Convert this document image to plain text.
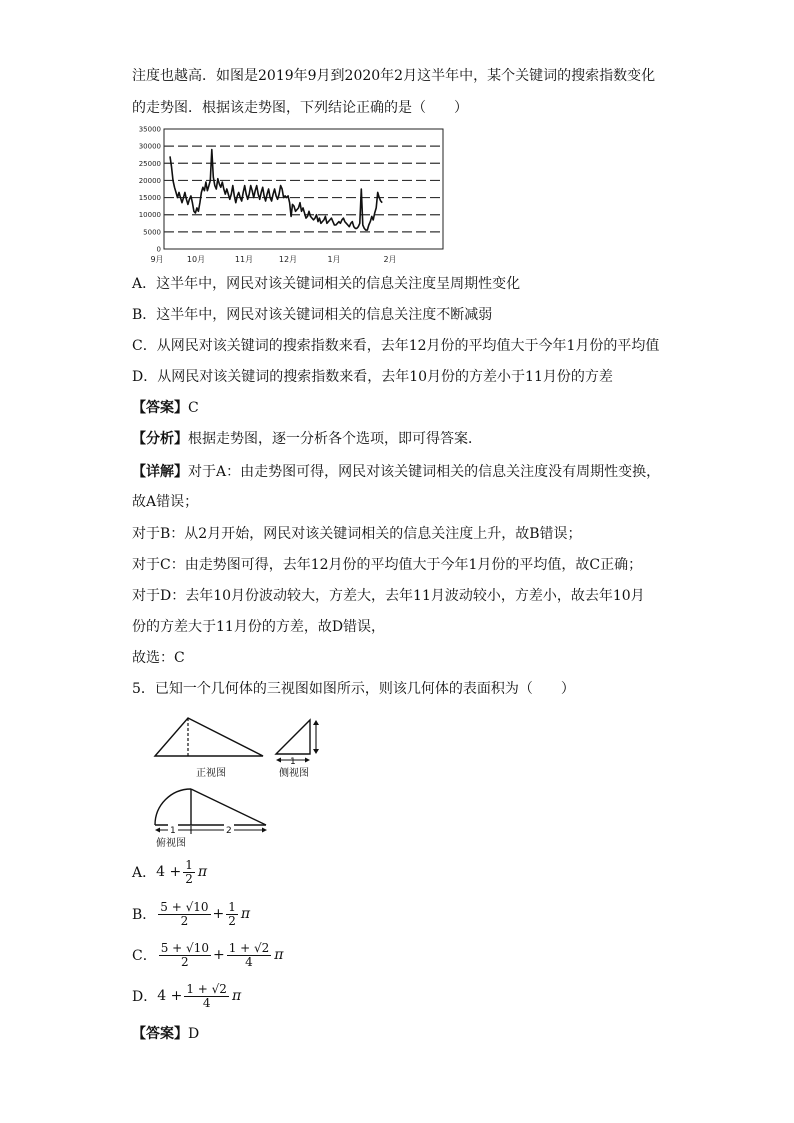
注度也越高．如图是2019年9月到2020年2月这半年中，某个关键词的搜索指数变化
的走势图．根据该走势图，下列结论正确的是（　　）
0
5000
10000
15000
20000
25000
30000
35000
9月	10月	11月	12月	1月	2月
A．这半年中，网民对该关键词相关的信息关注度呈周期性变化
B．这半年中，网民对该关键词相关的信息关注度不断减弱
C．从网民对该关键词的搜索指数来看，去年12月份的平均值大于今年1月份的平均值
D．从网民对该关键词的搜索指数来看，去年10月份的方差小于11月份的方差
【答案】C
【分析】根据走势图，逐一分析各个选项，即可得答案．
【详解】对于A：由走势图可得，网民对该关键词相关的信息关注度没有周期性变换，
故A错误；
对于B：从2月开始，网民对该关键词相关的信息关注度上升，故B错误；
对于C：由走势图可得，去年12月份的平均值大于今年1月份的平均值，故C正确；
对于D：去年10月份波动较大，方差大，去年11月波动较小，方差小，故去年10月
份的方差大于11月份的方差，故D错误，
故选：C
5．已知一个几何体的三视图如图所示，则该几何体的表面积为（　　）
正视图
1
侧视图
1	2
俯视图
A． $4 + \frac{1}{2}$ π
B． $\frac{5 + √10}{2} + \frac{1}{2}$ π
C． $\frac{5 + √10}{2} + \frac{1 + √2}{4}$ π
D． $4 + \frac{1 + √2}{4}$ π
【答案】D
